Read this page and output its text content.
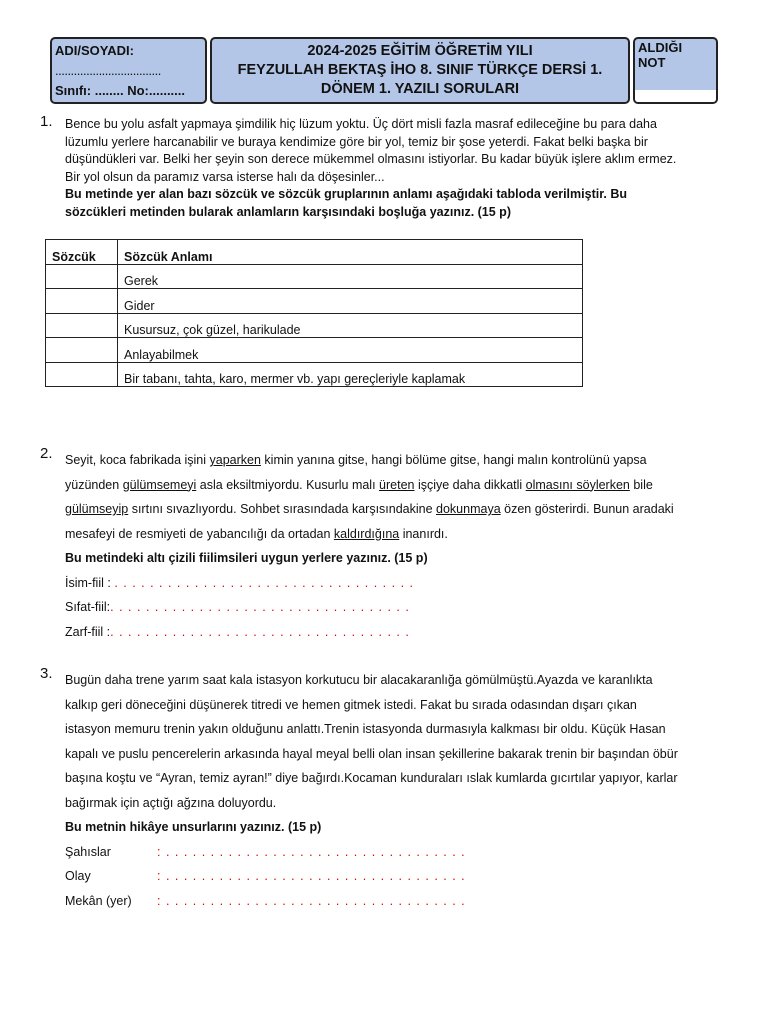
ADI/SOYADI:
..................................
Sınıfı: ........ No:..........
2024-2025 EĞİTİM ÖĞRETİM YILI
FEYZULLAH BEKTAŞ İHO 8. SINIF TÜRKÇE DERSİ 1.
DÖNEM 1. YAZILI SORULARI
ALDIĞI NOT
1. Bence bu yolu asfalt yapmaya şimdilik hiç lüzum yoktu. Üç dört misli fazla masraf edileceğine bu para daha lüzumlu yerlere harcanabilir ve buraya kendimize göre bir yol, temiz bir şose yeterdi. Fakat belki başka bir düşündükleri var. Belki her şeyin son derece mükemmel olmasını istiyorlar. Bu kadar büyük işlere aklım ermez. Bir yol olsun da paramız varsa isterse halı da döşesinler...
Bu metinde yer alan bazı sözcük ve sözcük gruplarının anlamı aşağıdaki tabloda verilmiştir. Bu sözcükleri metinden bularak anlamların karşısındaki boşluğa yazınız. (15 p)
Sözcük	Sözcük Anlamı
	Gerek
	Gider
	Kusursuz, çok güzel, harikulade
	Anlayabilmek
	Bir tabanı, tahta, karo, mermer vb. yapı gereçleriyle kaplamak
2. Seyit, koca fabrikada işini yaparken kimin yanına gitse, hangi bölüme gitse, hangi malın kontrolünü yapsa yüzünden gülümsemeyi asla eksiltmiyordu. Kusurlu malı üreten işçiye daha dikkatli olmasını söylerken bile gülümseyip sırtını sıvazlıyordu. Sohbet sırasındada karşısındakine dokunmaya özen gösterirdi. Bunun aradaki mesafeyi de resmiyeti de yabancılığı da ortadan kaldırdığına inanırdı.
Bu metindeki altı çizili fiilimsileri uygun yerlere yazınız. (15 p)
İsim-fiil : . . . . . . . . . . . . . . . . . . . . . . . . . . . . . . . . . .
Sıfat-fiil:. . . . . . . . . . . . . . . . . . . . . . . . . . . . . . . . . .
Zarf-fiil :. . . . . . . . . . . . . . . . . . . . . . . . . . . . . . . . . .
3. Bugün daha trene yarım saat kala istasyon korkutucu bir alacakaranlığa gömülmüştü.Ayazda ve karanlıkta kalkıp geri döneceğini düşünerek titredi ve hemen gitmek istedi. Fakat bu sırada odasından dışarı çıkan istasyon memuru trenin yakın olduğunu anlattı.Trenin istasyonda durmasıyla kalkması bir oldu. Küçük Hasan kapalı ve puslu pencerelerin arkasında hayal meyal belli olan insan şekillerine bakarak trenin bir başından öbür başına koştu ve “Ayran, temiz ayran!” diye bağırdı.Kocaman kunduraları ıslak kumlarda gıcırtılar yapıyor, karlar bağırmak için açtığı ağzına doluyordu.
Bu metnin hikâye unsurlarını yazınız. (15 p)
Şahıslar	: . . . . . . . . . . . . . . . . . . . . . . . . . . . . . . . . . .
Olay	: . . . . . . . . . . . . . . . . . . . . . . . . . . . . . . . . . .
Mekân (yer) : . . . . . . . . . . . . . . . . . . . . . . . . . . . . . . . . . .
